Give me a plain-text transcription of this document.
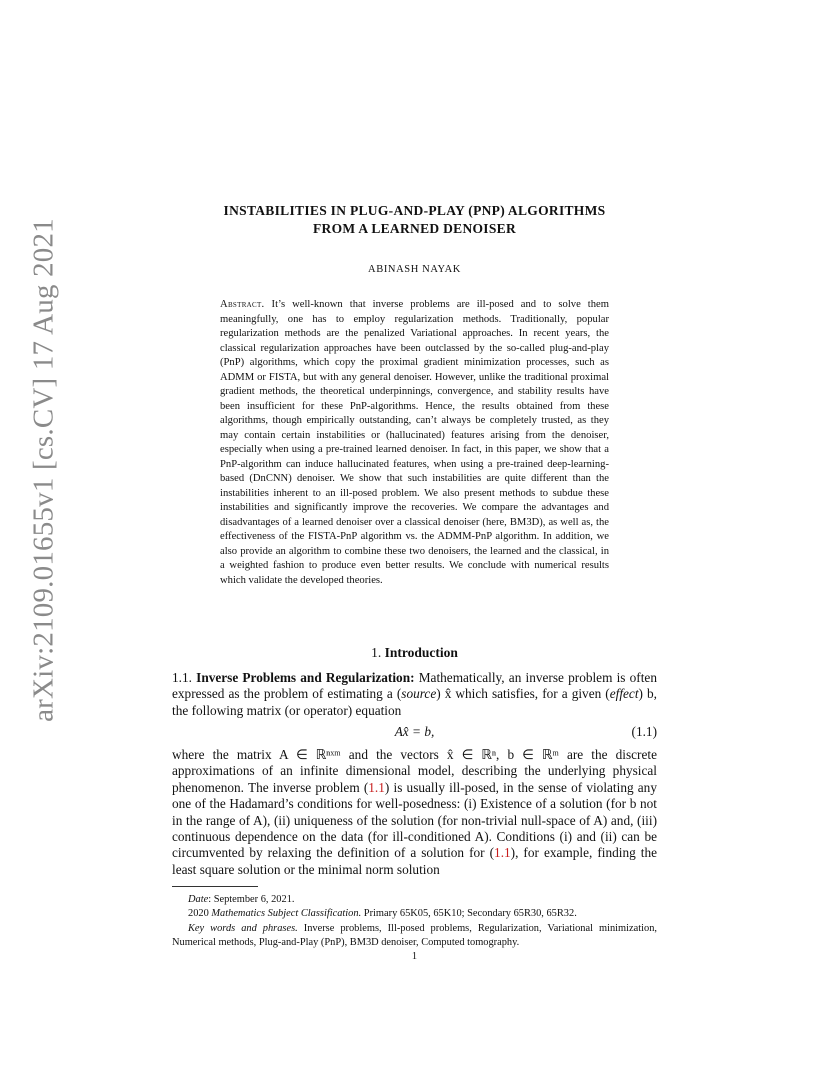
arXiv:2109.01655v1 [cs.CV] 17 Aug 2021
INSTABILITIES IN PLUG-AND-PLAY (PNP) ALGORITHMS
FROM A LEARNED DENOISER
ABINASH NAYAK
Abstract. It’s well-known that inverse problems are ill-posed and to solve them meaningfully, one has to employ regularization methods. Traditionally, popular regularization methods are the penalized Variational approaches. In recent years, the classical regularization approaches have been outclassed by the so-called plug-and-play (PnP) algorithms, which copy the proximal gradient minimization processes, such as ADMM or FISTA, but with any general denoiser. However, unlike the traditional proximal gradient methods, the theoretical underpinnings, convergence, and stability results have been insufficient for these PnP-algorithms. Hence, the results obtained from these algorithms, though empirically outstanding, can’t always be completely trusted, as they may contain certain instabilities or (hallucinated) features arising from the denoiser, especially when using a pre-trained learned denoiser. In fact, in this paper, we show that a PnP-algorithm can induce hallucinated features, when using a pre-trained deep-learning-based (DnCNN) denoiser. We show that such instabilities are quite different than the instabilities inherent to an ill-posed problem. We also present methods to subdue these instabilities and significantly improve the recoveries. We compare the advantages and disadvantages of a learned denoiser over a classical denoiser (here, BM3D), as well as, the effectiveness of the FISTA-PnP algorithm vs. the ADMM-PnP algorithm. In addition, we also provide an algorithm to combine these two denoisers, the learned and the classical, in a weighted fashion to produce even better results. We conclude with numerical results which validate the developed theories.
1. Introduction
1.1. Inverse Problems and Regularization: Mathematically, an inverse problem is often expressed as the problem of estimating a (source) x̂ which satisfies, for a given (effect) b, the following matrix (or operator) equation
Ax̂ = b,	(1.1)
where the matrix A ∈ ℝⁿˣᵐ and the vectors x̂ ∈ ℝⁿ, b ∈ ℝᵐ are the discrete approximations of an infinite dimensional model, describing the underlying physical phenomenon. The inverse problem (1.1) is usually ill-posed, in the sense of violating any one of the Hadamard’s conditions for well-posedness: (i) Existence of a solution (for b not in the range of A), (ii) uniqueness of the solution (for non-trivial null-space of A) and, (iii) continuous dependence on the data (for ill-conditioned A). Conditions (i) and (ii) can be circumvented by relaxing the definition of a solution for (1.1), for example, finding the least square solution or the minimal norm solution
Date: September 6, 2021.
2020 Mathematics Subject Classification. Primary 65K05, 65K10; Secondary 65R30, 65R32.
Key words and phrases. Inverse problems, Ill-posed problems, Regularization, Variational minimization, Numerical methods, Plug-and-Play (PnP), BM3D denoiser, Computed tomography.
1
